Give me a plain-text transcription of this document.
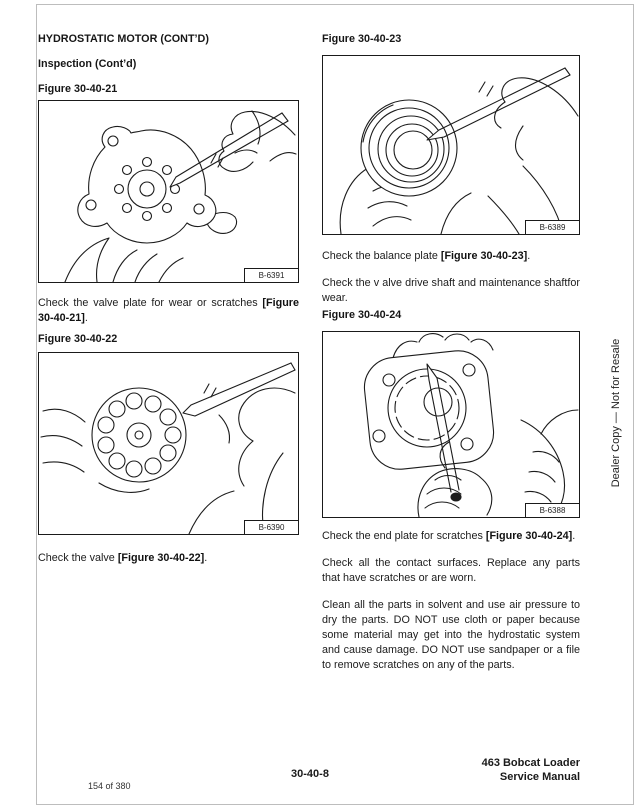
HYDROSTATIC MOTOR (CONT’D)
Inspection (Cont’d)
Figure 30-40-21
B-6391
Check the valve plate for wear or scratches [Figure 30-40-21].
Figure 30-40-22
B-6390
Check the valve [Figure 30-40-22].
Figure 30-40-23
B-6389
Check the balance plate [Figure 30-40-23].
Check the v alve drive shaft and maintenance shaftfor wear.
Figure 30-40-24
B-6388
Check the end plate for scratches [Figure 30-40-24].
Check all the contact surfaces. Replace any parts that have scratches or are worn.
Clean all the parts in solvent and use air pressure to dry the parts. DO NOT use cloth or paper because some material may get into the hydrostatic system and cause damage. DO NOT use sandpaper or a file to remove scratches on any of the parts.
Dealer Copy — Not for Resale
30-40-8
463 Bobcat Loader
Service Manual
154 of 380
